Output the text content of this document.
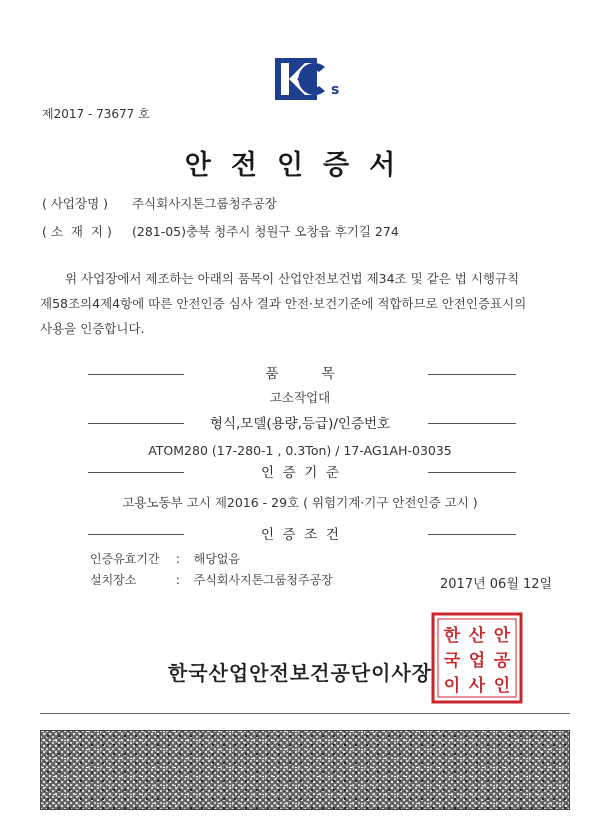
s
제2017 - 73677 호
안전인증서
( 사업장명 ) 주식회사지톤그룹청주공장
( 소  재  지 ) (281-05)충북 청주시 청원구 오창읍 후기길 274
위 사업장에서 제조하는 아래의 품목이 산업안전보건법 제34조 및 같은 법 시행규칙
제58조의4제4항에 따른 안전인증 심사 결과 안전·보건기준에 적합하므로 안전인증표시의
사용을 인증합니다.
품          목
고소작업대
형식,모델(용량,등급)/인증번호
ATOM280 (17-280-1 , 0.3Ton) / 17-AG1AH-03035
인  증  기  준
고용노동부 고시 제2016 - 29호 ( 위험기계·기구 안전인증 고시 )
인  증  조  건
인증유효기간 : 해당없음
설치장소	: 주식회사지톤그룹청주공장	2017년 06월 12일
한국산업안전보건공단이사장
한 산 안
국 업 공
이 사 인
